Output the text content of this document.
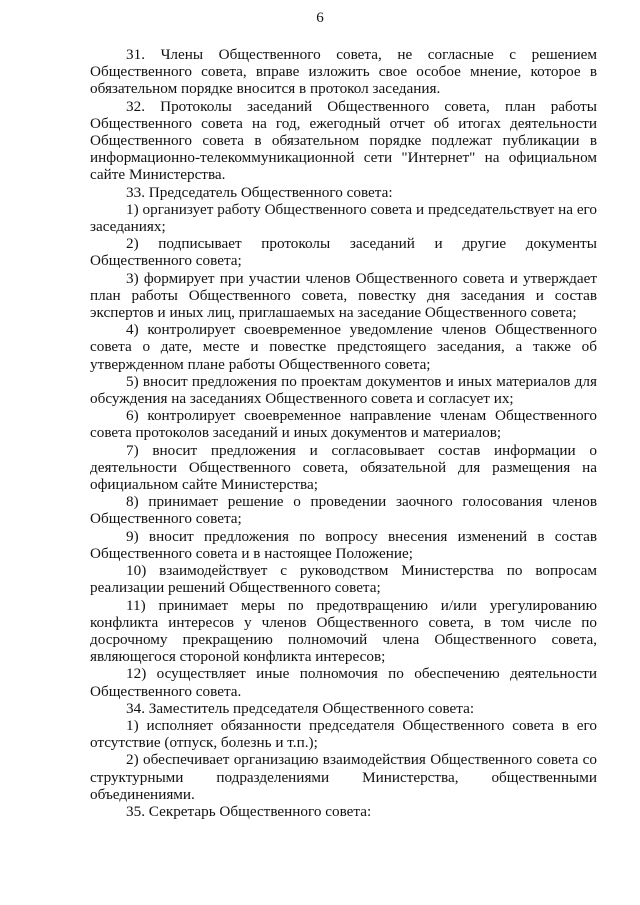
6

31. Члены Общественного совета, не согласные с решением Общественного совета, вправе изложить свое особое мнение, которое в обязательном порядке вносится в протокол заседания.

32. Протоколы заседаний Общественного совета, план работы Общественного совета на год, ежегодный отчет об итогах деятельности Общественного совета в обязательном порядке подлежат публикации в информационно-телекоммуникационной сети "Интернет" на официальном сайте Министерства.

33. Председатель Общественного совета:

1) организует работу Общественного совета и председательствует на его заседаниях;

2) подписывает протоколы заседаний и другие документы Общественного совета;

3) формирует при участии членов Общественного совета и утверждает план работы Общественного совета, повестку дня заседания и состав экспертов и иных лиц, приглашаемых на заседание Общественного совета;

4) контролирует своевременное уведомление членов Общественного совета о дате, месте и повестке предстоящего заседания, а также об утвержденном плане работы Общественного совета;

5) вносит предложения по проектам документов и иных материалов для обсуждения на заседаниях Общественного совета и согласует их;

6) контролирует своевременное направление членам Общественного совета протоколов заседаний и иных документов и материалов;

7) вносит предложения и согласовывает состав информации о деятельности Общественного совета, обязательной для размещения на официальном сайте Министерства;

8) принимает решение о проведении заочного голосования членов Общественного совета;

9) вносит предложения по вопросу внесения изменений в состав Общественного совета и в настоящее Положение;

10) взаимодействует с руководством Министерства по вопросам реализации решений Общественного совета;

11) принимает меры по предотвращению и/или урегулированию конфликта интересов у членов Общественного совета, в том числе по досрочному прекращению полномочий члена Общественного совета, являющегося стороной конфликта интересов;

12) осуществляет иные полномочия по обеспечению деятельности Общественного совета.

34. Заместитель председателя Общественного совета:

1) исполняет обязанности председателя Общественного совета в его отсутствие (отпуск, болезнь и т.п.);

2) обеспечивает организацию взаимодействия Общественного совета со структурными подразделениями Министерства, общественными объединениями.

35. Секретарь Общественного совета:
